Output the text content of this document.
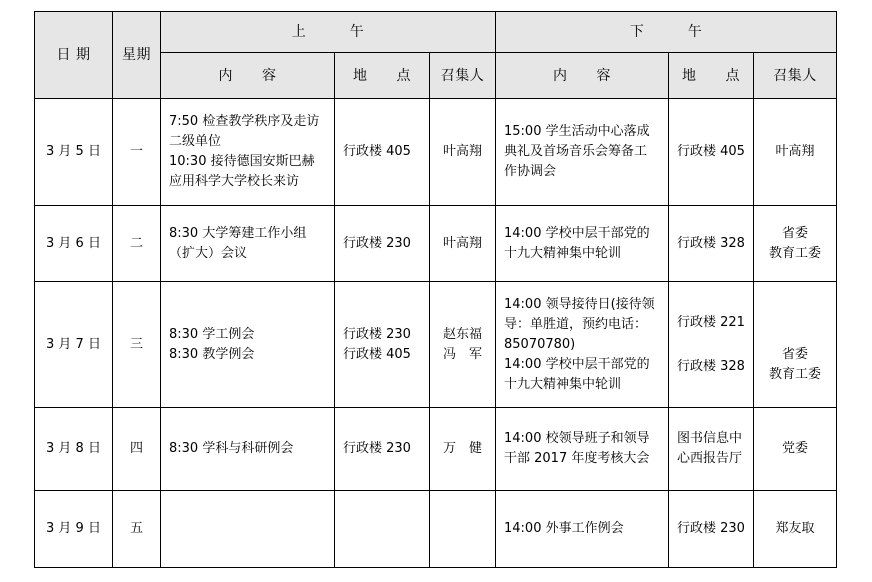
日 期	星期	上　　　午			下　　　午		
		内　　容	地　　点	召集人	内　　容	地　　点	召集人
3 月 5 日	一	7:50 检查教学秩序及走访
二级单位
10:30 接待德国安斯巴赫
应用科学大学校长来访	行政楼 405	叶高翔	15:00 学生活动中心落成
典礼及首场音乐会筹备工
作协调会	行政楼 405	叶高翔

3 月 6 日	二	8:30 大学筹建工作小组
（扩大）会议	行政楼 230	叶高翔	14:00 学校中层干部党的
十九大精神集中轮训	行政楼 328	省委
教育工委

3 月 7 日	三	8:30 学工例会
8:30 教学例会	行政楼 230
行政楼 405	赵东福
冯　军	14:00 领导接待日(接待领
导：单胜道，预约电话：
85070780)
14:00 学校中层干部党的
十九大精神集中轮训	行政楼 221
行政楼 328	省委
教育工委

3 月 8 日	四	8:30 学科与科研例会	行政楼 230	万　健	14:00 校领导班子和领导
干部 2017 年度考核大会	图书信息中
心西报告厅	党委

3 月 9 日	五				14:00 外事工作例会	行政楼 230	郑友取
